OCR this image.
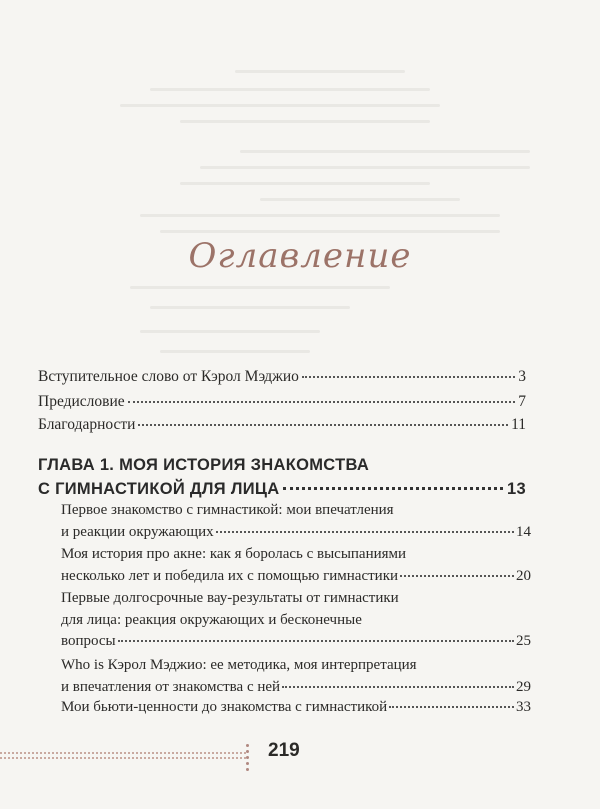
Оглавление
Вступительное слово от Кэрол Мэджио	3
Предисловие	7
Благодарности	11
ГЛАВА 1. МОЯ ИСТОРИЯ ЗНАКОМСТВА
С ГИМНАСТИКОЙ ДЛЯ ЛИЦА	13
Первое знакомство с гимнастикой: мои впечатления
и реакции окружающих	14
Моя история про акне: как я боролась с высыпаниями
несколько лет и победила их с помощью гимнастики	20
Первые долгосрочные вау-результаты от гимнастики
для лица: реакция окружающих и бесконечные
вопросы	25
Who is Кэрол Мэджио: ее методика, моя интерпретация
и впечатления от знакомства с ней	29
Мои бьюти-ценности до знакомства с гимнастикой	33
219
